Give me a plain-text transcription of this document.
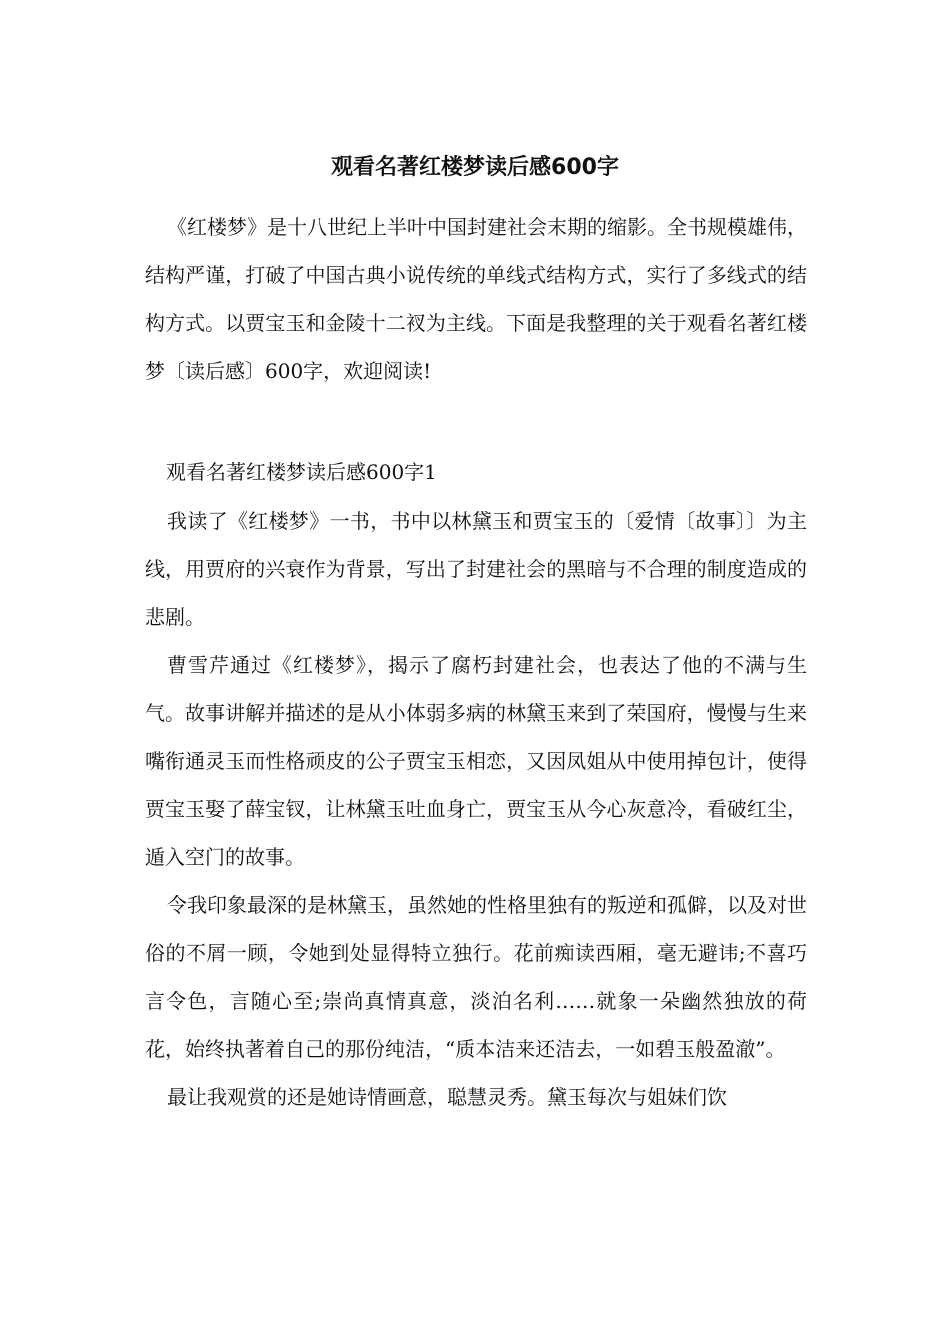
观看名著红楼梦读后感600字

《红楼梦》是十八世纪上半叶中国封建社会末期的缩影。全书规模雄伟，结构严谨，打破了中国古典小说传统的单线式结构方式，实行了多线式的结构方式。以贾宝玉和金陵十二衩为主线。下面是我整理的关于观看名著红楼梦〔读后感〕600字，欢迎阅读!

观看名著红楼梦读后感600字1

我读了《红楼梦》一书，书中以林黛玉和贾宝玉的〔爱情〔故事〕〕为主线，用贾府的兴衰作为背景，写出了封建社会的黑暗与不合理的制度造成的悲剧。

曹雪芹通过《红楼梦》，揭示了腐朽封建社会，也表达了他的不满与生气。故事讲解并描述的是从小体弱多病的林黛玉来到了荣国府，慢慢与生来嘴衔通灵玉而性格顽皮的公子贾宝玉相恋，又因凤姐从中使用掉包计，使得贾宝玉娶了薛宝钗，让林黛玉吐血身亡，贾宝玉从今心灰意冷，看破红尘，遁入空门的故事。

令我印象最深的是林黛玉，虽然她的性格里独有的叛逆和孤僻，以及对世俗的不屑一顾，令她到处显得特立独行。花前痴读西厢，毫无避讳;不喜巧言令色，言随心至;崇尚真情真意，淡泊名利……就象一朵幽然独放的荷花，始终执著着自己的那份纯洁，“质本洁来还洁去，一如碧玉般盈澈”。

最让我观赏的还是她诗情画意，聪慧灵秀。黛玉每次与姐妹们饮
